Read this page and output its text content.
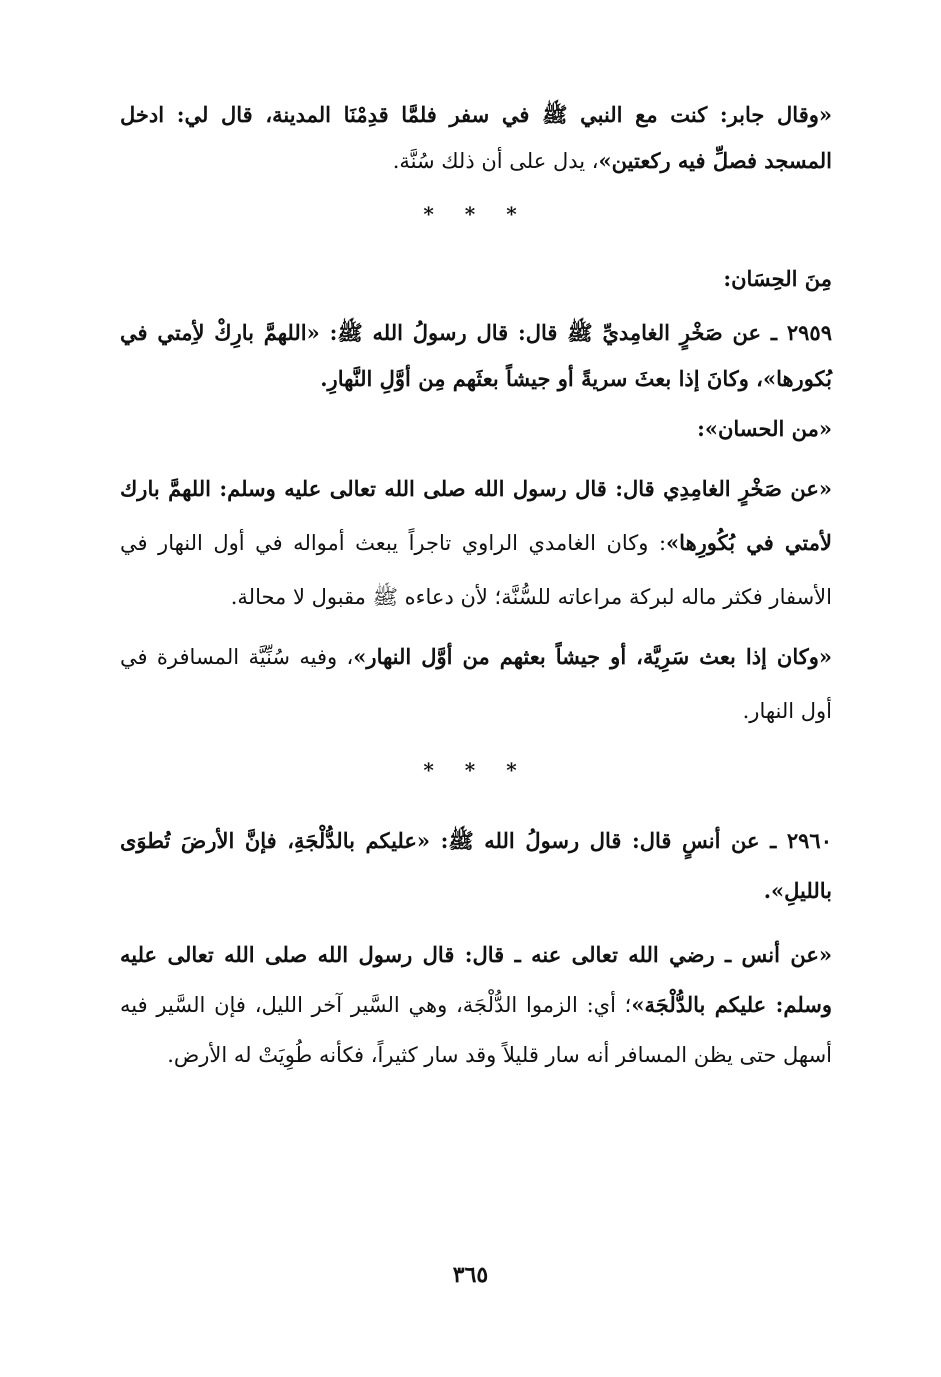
«وقال جابر: كنت مع النبي ﷺ في سفر فلمَّا قدِمْنَا المدينة، قال لي: ادخل المسجد فصلِّ فيه ركعتين»، يدل على أن ذلك سُنَّة.

* * *

مِنَ الحِسَان:

٢٩٥٩ ـ عن صَخْرٍ الغامِديِّ ﷺ قال: قال رسولُ الله ﷺ: «اللهمَّ بارِكْ لأِمتي في بُكورها»، وكانَ إذا بعثَ سريةً أو جيشاً بعثَهم مِن أوَّلِ النَّهارِ.

«من الحسان»:

«عن صَخْرٍ الغامِدِي قال: قال رسول الله صلى الله تعالى عليه وسلم: اللهمَّ بارك لأمتي في بُكُورِها»: وكان الغامدي الراوي تاجراً يبعث أمواله في أول النهار في الأسفار فكثر ماله لبركة مراعاته للسُّنَّة؛ لأن دعاءه ﷺ مقبول لا محالة.

«وكان إذا بعث سَرِيَّة، أو جيشاً بعثهم من أوَّل النهار»، وفيه سُنِّيَّة المسافرة في أول النهار.

* * *

٢٩٦٠ ـ عن أنسٍ قال: قال رسولُ الله ﷺ: «عليكم بالدُّلْجَةِ، فإنَّ الأرضَ تُطوَى بالليلِ».

«عن أنس ـ رضي الله تعالى عنه ـ قال: قال رسول الله صلى الله تعالى عليه وسلم: عليكم بالدُّلْجَة»؛ أي: الزموا الدُّلْجَة، وهي السَّير آخر الليل، فإن السَّير فيه أسهل حتى يظن المسافر أنه سار قليلاً وقد سار كثيراً، فكأنه طُوِيَتْ له الأرض.

٣٦٥
